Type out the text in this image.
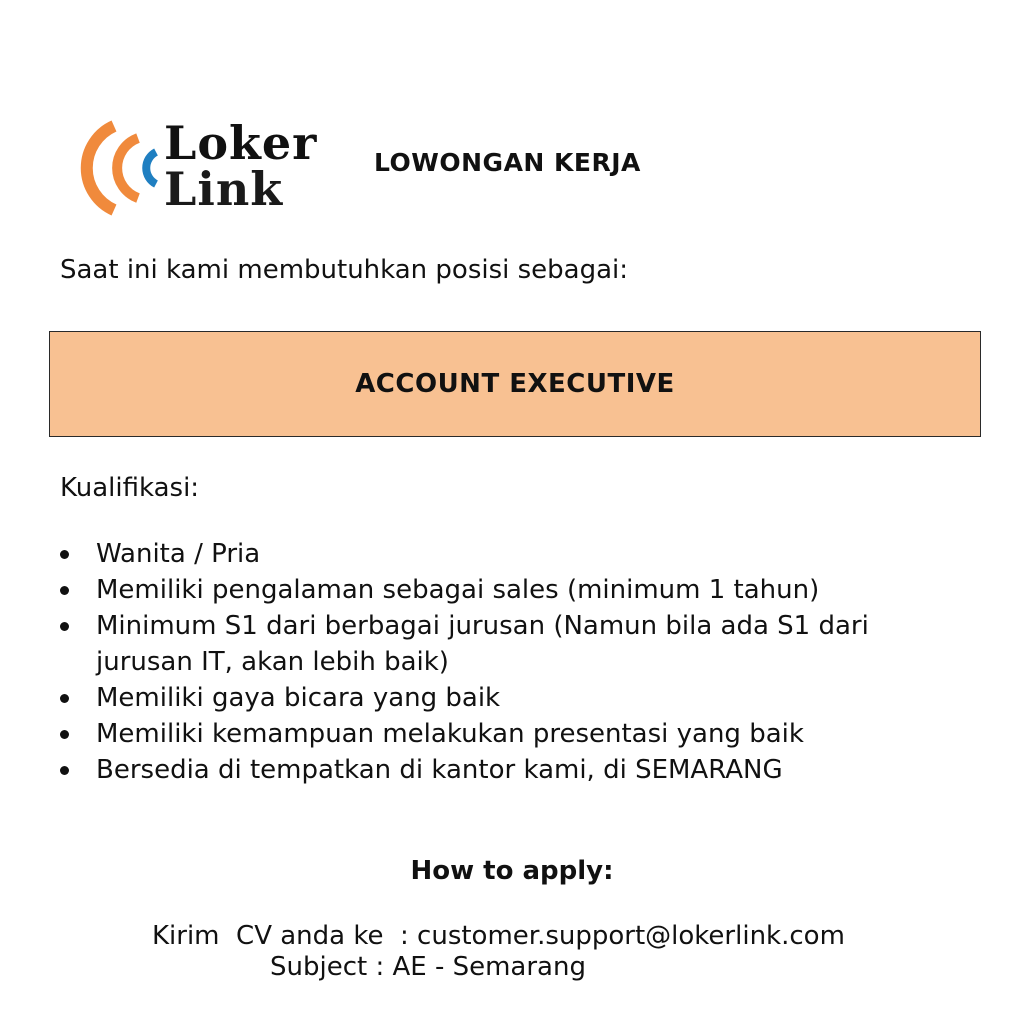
Loker
Link	LOWONGAN KERJA
Saat ini kami membutuhkan posisi sebagai:
ACCOUNT EXECUTIVE
Kualifikasi:
Wanita / Pria
Memiliki pengalaman sebagai sales (minimum 1 tahun)
Minimum S1 dari berbagai jurusan (Namun bila ada S1 dari jurusan IT, akan lebih baik)
Memiliki gaya bicara yang baik
Memiliki kemampuan melakukan presentasi yang baik
Bersedia di tempatkan di kantor kami, di SEMARANG
How to apply:
Kirim  CV anda ke  : customer.support@lokerlink.com
Subject : AE - Semarang
